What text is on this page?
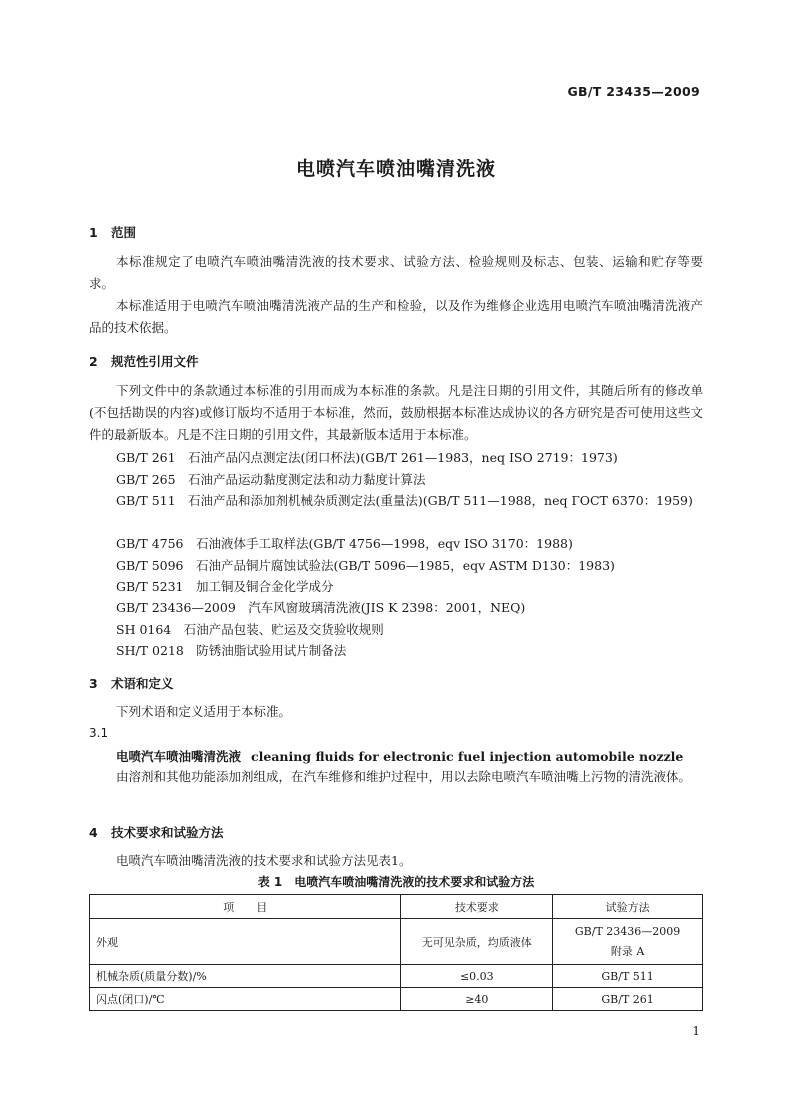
GB/T 23435—2009
电喷汽车喷油嘴清洗液
1 范围
本标准规定了电喷汽车喷油嘴清洗液的技术要求、试验方法、检验规则及标志、包装、运输和贮存等要求。
本标准适用于电喷汽车喷油嘴清洗液产品的生产和检验，以及作为维修企业选用电喷汽车喷油嘴清洗液产品的技术依据。
2 规范性引用文件
下列文件中的条款通过本标准的引用而成为本标准的条款。凡是注日期的引用文件，其随后所有的修改单(不包括勘误的内容)或修订版均不适用于本标准，然而，鼓励根据本标准达成协议的各方研究是否可使用这些文件的最新版本。凡是不注日期的引用文件，其最新版本适用于本标准。
GB/T 261　石油产品闪点测定法(闭口杯法)(GB/T 261—1983，neq ISO 2719：1973)
GB/T 265　石油产品运动黏度测定法和动力黏度计算法
GB/T 511　石油产品和添加剂机械杂质测定法(重量法)(GB/T 511—1988，neq ГОСТ 6370：1959)
GB/T 4756　石油液体手工取样法(GB/T 4756—1998，eqv ISO 3170：1988)
GB/T 5096　石油产品铜片腐蚀试验法(GB/T 5096—1985，eqv ASTM D130：1983)
GB/T 5231　加工铜及铜合金化学成分
GB/T 23436—2009　汽车风窗玻璃清洗液(JIS K 2398：2001，NEQ)
SH 0164　石油产品包装、贮运及交货验收规则
SH/T 0218　防锈油脂试验用试片制备法
3 术语和定义
下列术语和定义适用于本标准。
3.1
电喷汽车喷油嘴清洗液 cleaning fluids for electronic fuel injection automobile nozzle
由溶剂和其他功能添加剂组成，在汽车维修和维护过程中，用以去除电喷汽车喷油嘴上污物的清洗液体。
4 技术要求和试验方法
电喷汽车喷油嘴清洗液的技术要求和试验方法见表1。
表 1　电喷汽车喷油嘴清洗液的技术要求和试验方法
项　　目	技术要求	试验方法
外观	无可见杂质，均质液体	GB/T 23436—2009
附录 A

机械杂质(质量分数)/%	≤0.03	GB/T 511
闪点(闭口)/℃	≥40	GB/T 261
1
